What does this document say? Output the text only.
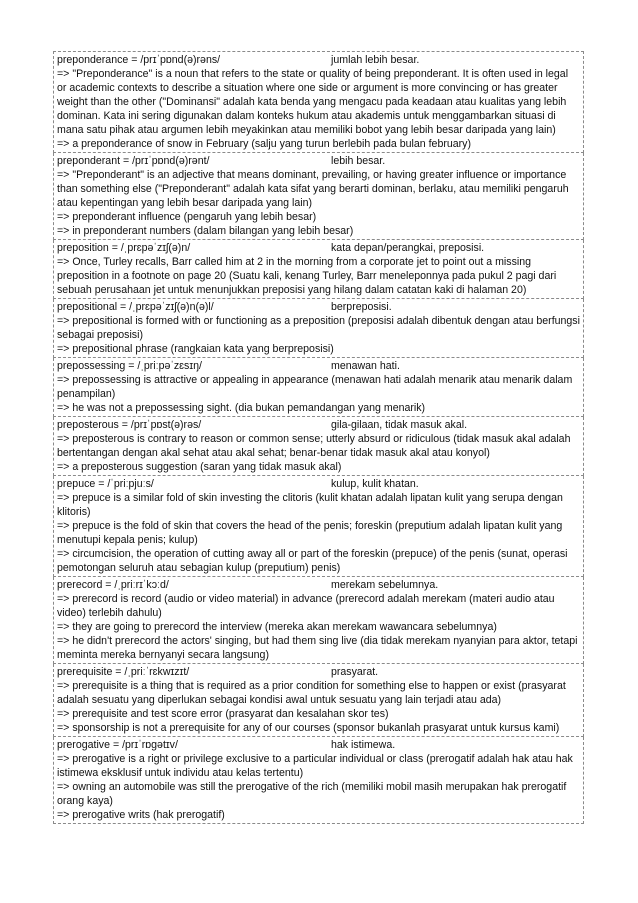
preponderance = /prɪˈpɒnd(ə)rəns/	jumlah lebih besar.
=> "Preponderance" is a noun that refers to the state or quality of being preponderant. It is often used in legal or academic contexts to describe a situation where one side or argument is more convincing or has greater weight than the other ("Dominansi" adalah kata benda yang mengacu pada keadaan atau kualitas yang lebih dominan. Kata ini sering digunakan dalam konteks hukum atau akademis untuk menggambarkan situasi di mana satu pihak atau argumen lebih meyakinkan atau memiliki bobot yang lebih besar daripada yang lain)
=> a preponderance of snow in February (salju yang turun berlebih pada bulan february)
preponderant = /prɪˈpɒnd(ə)rənt/	lebih besar.
=> "Preponderant" is an adjective that means dominant, prevailing, or having greater influence or importance than something else ("Preponderant" adalah kata sifat yang berarti dominan, berlaku, atau memiliki pengaruh atau kepentingan yang lebih besar daripada yang lain)
=> preponderant influence (pengaruh yang lebih besar)
=> in preponderant numbers (dalam bilangan yang lebih besar)
preposition = /ˌprɛpəˈzɪʃ(ə)n/	kata depan/perangkai, preposisi.
=> Once, Turley recalls, Barr called him at 2 in the morning from a corporate jet to point out a missing preposition in a footnote on page 20 (Suatu kali, kenang Turley, Barr meneleponnya pada pukul 2 pagi dari sebuah perusahaan jet untuk menunjukkan preposisi yang hilang dalam catatan kaki di halaman 20)
prepositional = /ˌprɛpəˈzɪʃ(ə)n(ə)l/	berpreposisi.
=> prepositional is formed with or functioning as a preposition (preposisi adalah dibentuk dengan atau berfungsi sebagai preposisi)
=> prepositional phrase (rangkaian kata yang berpreposisi)
prepossessing = /ˌpriːpəˈzɛsɪŋ/	menawan hati.
=> prepossessing is attractive or appealing in appearance (menawan hati adalah menarik atau menarik dalam penampilan)
=> he was not a prepossessing sight. (dia bukan pemandangan yang menarik)
preposterous = /prɪˈpɒst(ə)rəs/	gila-gilaan, tidak masuk akal.
=> preposterous is contrary to reason or common sense; utterly absurd or ridiculous (tidak masuk akal adalah bertentangan dengan akal sehat atau akal sehat; benar-benar tidak masuk akal atau konyol)
=> a preposterous suggestion (saran yang tidak masuk akal)
prepuce = /ˈpriːpjuːs/	kulup, kulit khatan.
=> prepuce is a similar fold of skin investing the clitoris (kulit khatan adalah lipatan kulit yang serupa dengan klitoris)
=> prepuce is the fold of skin that covers the head of the penis; foreskin (preputium adalah lipatan kulit yang menutupi kepala penis; kulup)
=> circumcision, the operation of cutting away all or part of the foreskin (prepuce) of the penis (sunat, operasi pemotongan seluruh atau sebagian kulup (preputium) penis)
prerecord = /ˌpriːrɪˈkɔːd/	merekam sebelumnya.
=> prerecord is record (audio or video material) in advance (prerecord adalah merekam (materi audio atau video) terlebih dahulu)
=> they are going to prerecord the interview (mereka akan merekam wawancara sebelumnya)
=> he didn't prerecord the actors' singing, but had them sing live (dia tidak merekam nyanyian para aktor, tetapi meminta mereka bernyanyi secara langsung)
prerequisite = /ˌpriːˈrɛkwɪzɪt/	prasyarat.
=> prerequisite is a thing that is required as a prior condition for something else to happen or exist (prasyarat adalah sesuatu yang diperlukan sebagai kondisi awal untuk sesuatu yang lain terjadi atau ada)
=> prerequisite and test score error (prasyarat dan kesalahan skor tes)
=> sponsorship is not a prerequisite for any of our courses (sponsor bukanlah prasyarat untuk kursus kami)
prerogative = /prɪˈrɒgətɪv/	hak istimewa.
=> prerogative is a right or privilege exclusive to a particular individual or class (prerogatif adalah hak atau hak istimewa eksklusif untuk individu atau kelas tertentu)
=> owning an automobile was still the prerogative of the rich (memiliki mobil masih merupakan hak prerogatif orang kaya)
=> prerogative writs (hak prerogatif)
